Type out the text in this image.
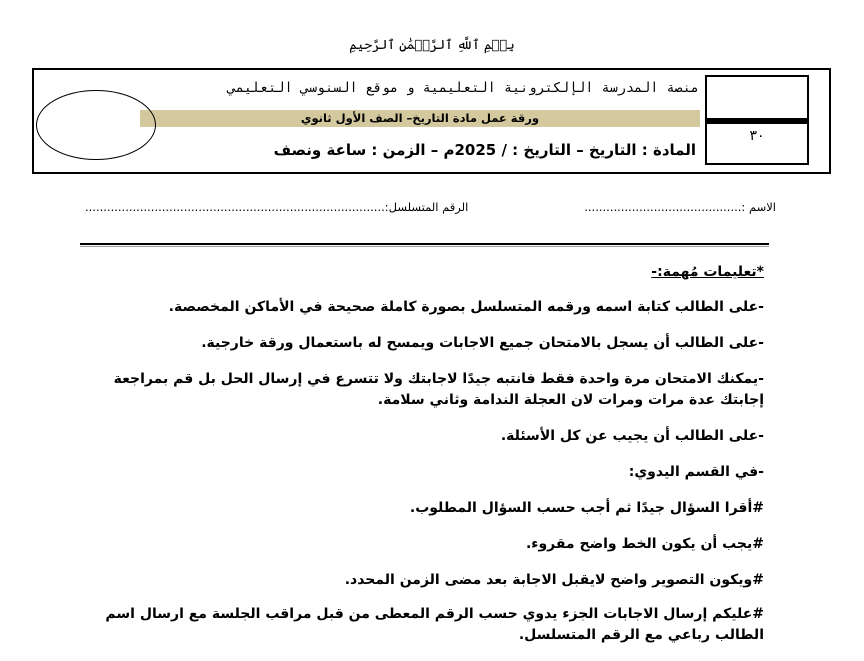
بِسۡمِ ٱللَّهِ ٱلرَّحۡمَٰنِ ٱلرَّحِيمِ
٣٠
منصة المدرسة الإلكترونية التعليمية و موقع السنوسي التعليمي
ورقة عمل مادة التاريخ– الصف الأول ثانوي
المادة : التاريخ – التاريخ : / 2025م – الزمن : ساعة ونصف
الاسم :...........................................
الرقم المتسلسل:..................................................................................
*تعليمات مُهمة:-
-على الطالب كتابة اسمه ورقمه المتسلسل بصورة كاملة صحيحة في الأماكن المخصصة.
-على الطالب أن يسجل بالامتحان جميع الاجابات ويمسح له باستعمال ورقة خارجية.
-يمكنك الامتحان مرة واحدة فقط فانتبه جيدًا لاجابتك ولا تتسرع في إرسال الحل بل قم بمراجعة إجابتك عدة مرات ومرات لان العجلة الندامة وثاني سلامة.
-على الطالب أن يجيب عن كل الأسئلة.
-في القسم اليدوي:
#أقرا السؤال جيدًا ثم أجب حسب السؤال المطلوب.
#يجب أن يكون الخط واضح مقروء.
#ويكون التصوير واضح لايقبل الاجابة بعد مضى الزمن المحدد.
#عليكم إرسال الاجابات الجزء يدوي حسب الرقم المعطى من قبل مراقب الجلسة مع ارسال اسم الطالب رباعي مع الرقم المتسلسل.
